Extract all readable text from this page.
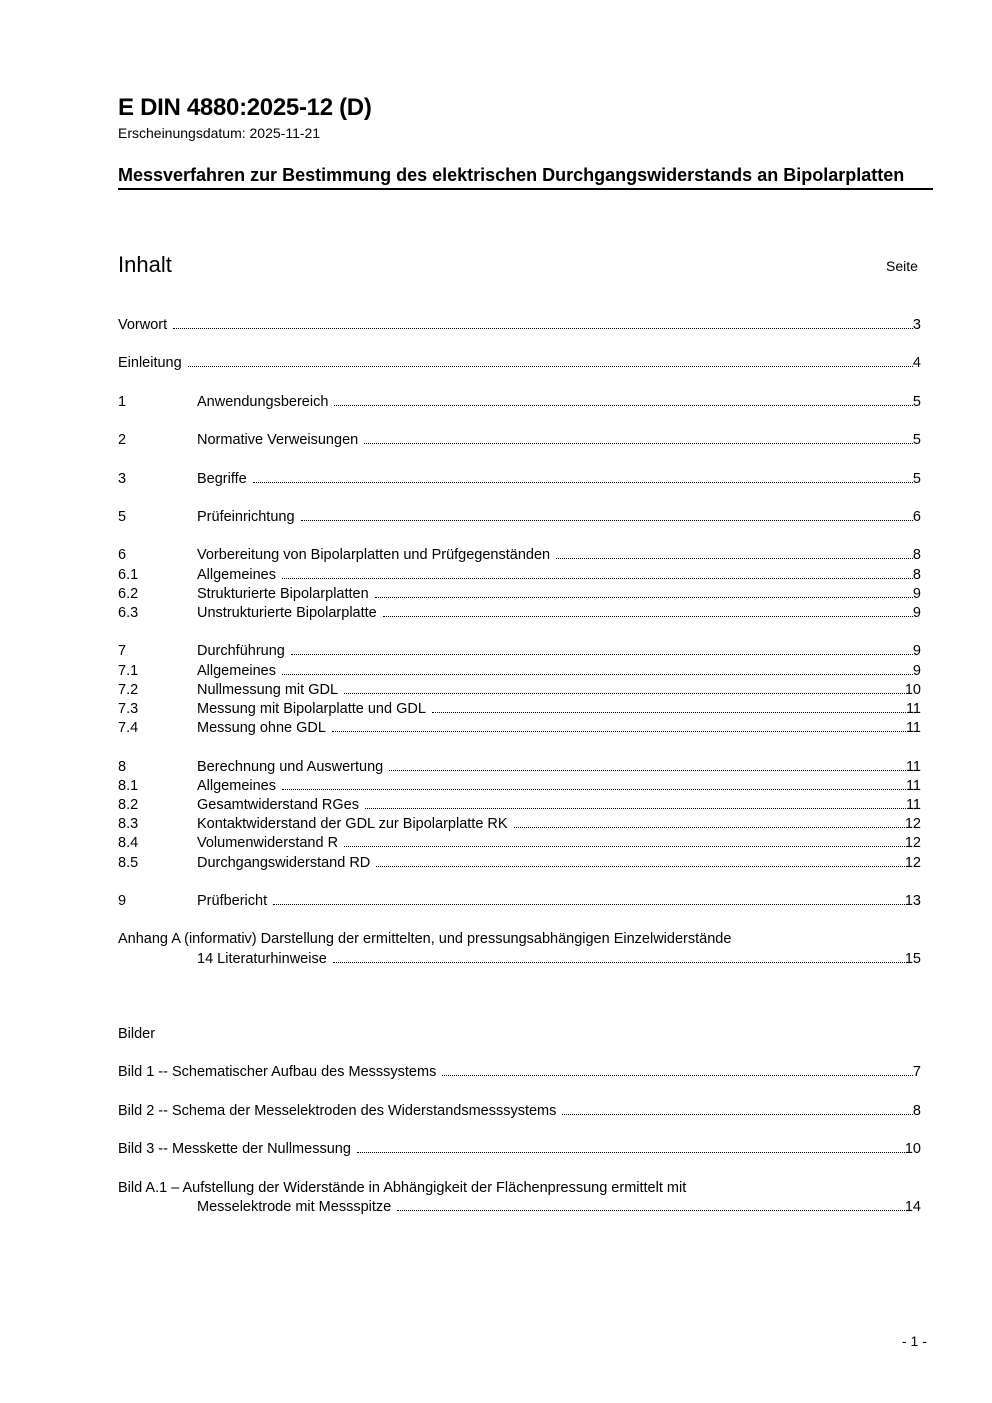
E DIN 4880:2025-12 (D)
Erscheinungsdatum: 2025-11-21
Messverfahren zur Bestimmung des elektrischen Durchgangswiderstands an Bipolarplatten
Inhalt	Seite
Vorwort	3
Einleitung	4
1	Anwendungsbereich	5
2	Normative Verweisungen	5
3	Begriffe	5
5	Prüfeinrichtung	6
6	Vorbereitung von Bipolarplatten und Prüfgegenständen	8
6.1	Allgemeines	8
6.2	Strukturierte Bipolarplatten	9
6.3	Unstrukturierte Bipolarplatte	9
7	Durchführung	9
7.1	Allgemeines	9
7.2	Nullmessung mit GDL	10
7.3	Messung mit Bipolarplatte und GDL	11
7.4	Messung ohne GDL	11
8	Berechnung und Auswertung	11
8.1	Allgemeines	11
8.2	Gesamtwiderstand RGes	11
8.3	Kontaktwiderstand der GDL zur Bipolarplatte RK	12
8.4	Volumenwiderstand R	12
8.5	Durchgangswiderstand RD	12
9	Prüfbericht	13
Anhang A (informativ) Darstellung der ermittelten, und pressungsabhängigen Einzelwiderstände
14 Literaturhinweise	15
Bilder
Bild 1 -- Schematischer Aufbau des Messsystems	7
Bild 2 -- Schema der Messelektroden des Widerstandsmesssystems	8
Bild 3 -- Messkette der Nullmessung	10
Bild A.1 – Aufstellung der Widerstände in Abhängigkeit der Flächenpressung ermittelt mit
Messelektrode mit Messspitze	14
- 1 -
